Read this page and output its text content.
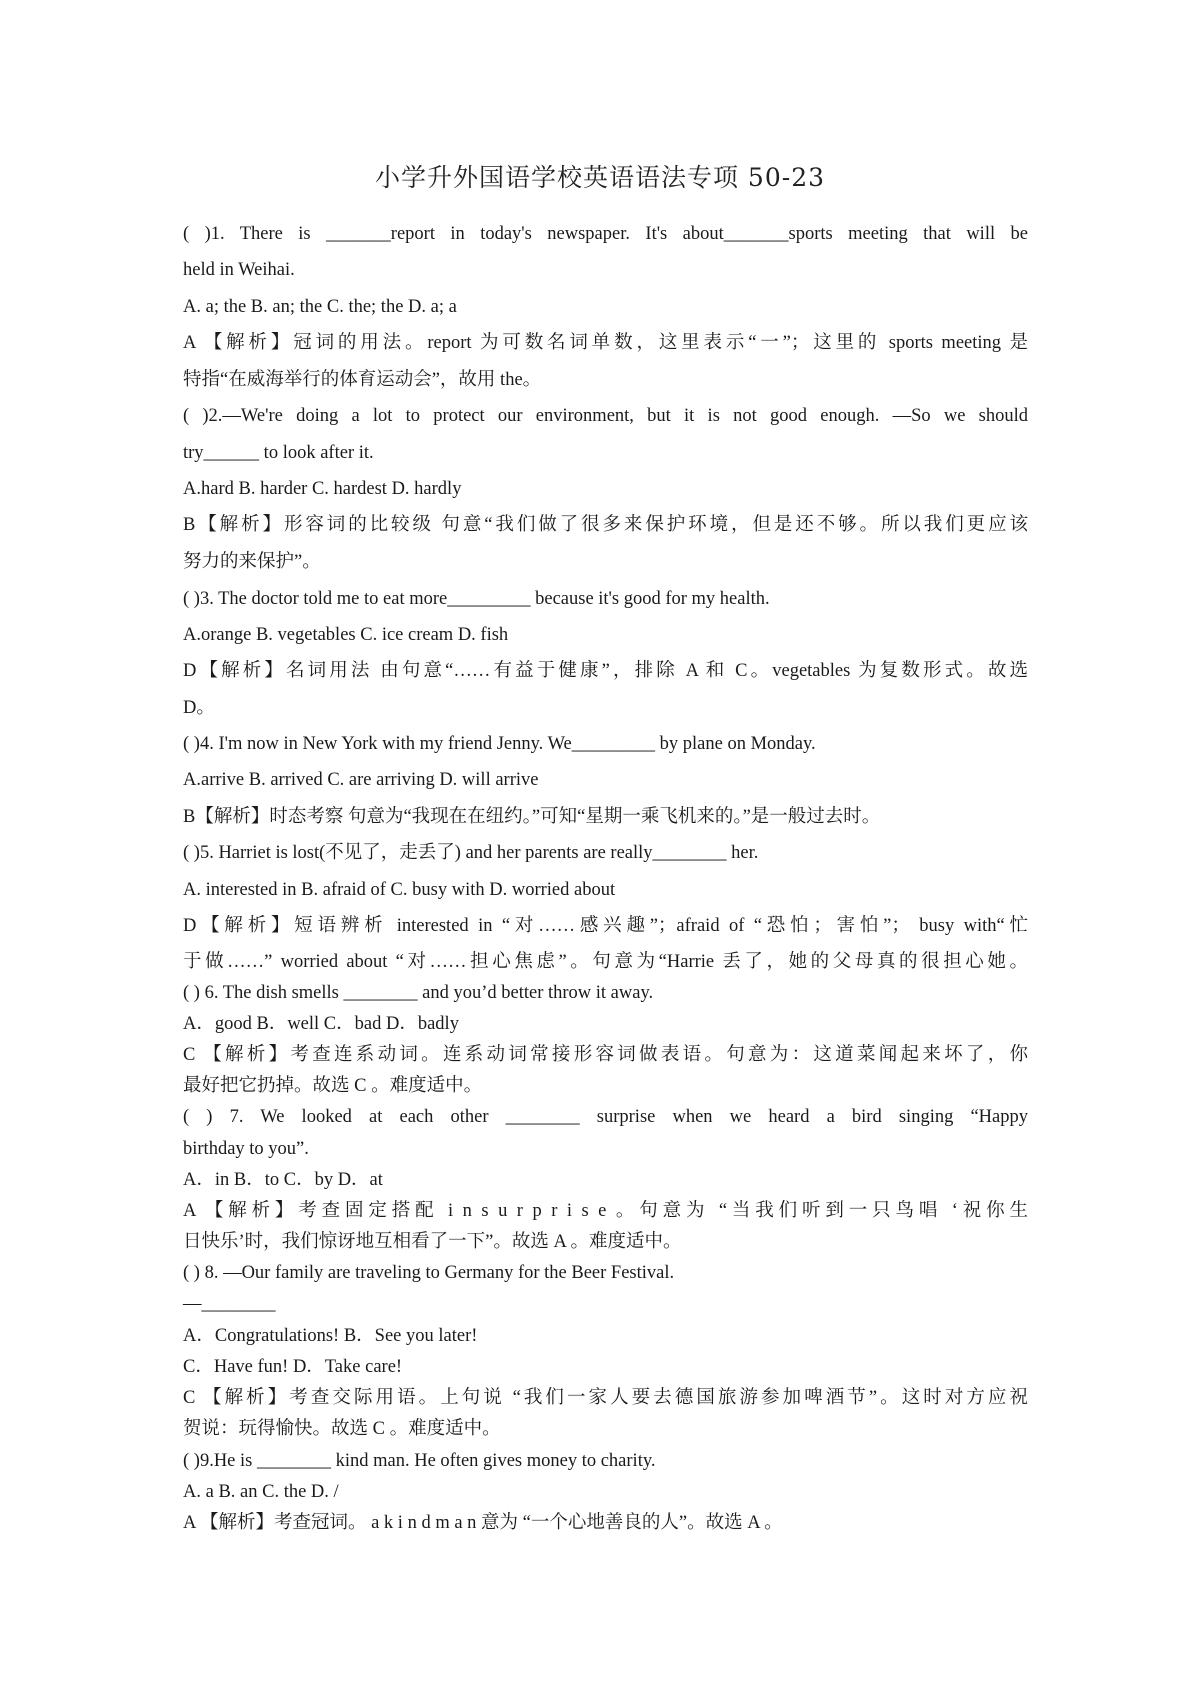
小学升外国语学校英语语法专项 50-23
( )1. There is _______report in today's newspaper. It's about_______sports meeting that will be
held in Weihai.
A. a; the B. an; the C. the; the D. a; a
A 【解析】冠词的用法。report 为可数名词单数，这里表示“一”；这里的 sports meeting 是
特指“在威海举行的体育运动会”，故用 the。
( )2.—We're doing a lot to protect our environment, but it is not good enough. —So we should
try______ to look after it.
A.hard B. harder C. hardest D. hardly
B【解析】形容词的比较级 句意“我们做了很多来保护环境，但是还不够。所以我们更应该
努力的来保护”。
( )3. The doctor told me to eat more_________ because it's good for my health.
A.orange B. vegetables C. ice cream D. fish
D【解析】名词用法 由句意“……有益于健康”，排除 A 和 C。vegetables 为复数形式。故选
D。
( )4. I'm now in New York with my friend Jenny. We_________ by plane on Monday.
A.arrive B. arrived C. are arriving D. will arrive
B【解析】时态考察 句意为“我现在在纽约。”可知“星期一乘飞机来的。”是一般过去时。
( )5. Harriet is lost(不见了，走丢了) and her parents are really________ her.
A. interested in B. afraid of C. busy with D. worried about
D【解析】短语辨析 interested in “对……感兴趣”；afraid of “恐怕；害怕”； busy with“忙
于做……” worried about “对……担心焦虑”。句意为“Harrie 丢了，她的父母真的很担心她。
( ) 6. The dish smells ________ and you’d better throw it away.
A．good B．well C．bad D．badly
C 【解析】考查连系动词。连系动词常接形容词做表语。句意为：这道菜闻起来坏了，你
最好把它扔掉。故选 C 。难度适中。
( ) 7. We looked at each other ________ surprise when we heard a bird singing “Happy
birthday to you”.
A．in B．to C．by D．at
A 【解析】考查固定搭配 i n s u r p r i s e 。句意为 “当我们听到一只鸟唱 ‘祝你生
日快乐’时，我们惊讶地互相看了一下”。故选 A 。难度适中。
( ) 8. —Our family are traveling to Germany for the Beer Festival.
—________
A．Congratulations! B．See you later!
C．Have fun! D．Take care!
C 【解析】考查交际用语。上句说 “我们一家人要去德国旅游参加啤酒节”。这时对方应祝
贺说：玩得愉快。故选 C 。难度适中。
( )9.He is ________ kind man. He often gives money to charity.
A. a B. an C. the D. /
A 【解析】考查冠词。 a k i n d m a n 意为 “一个心地善良的人”。故选 A 。
